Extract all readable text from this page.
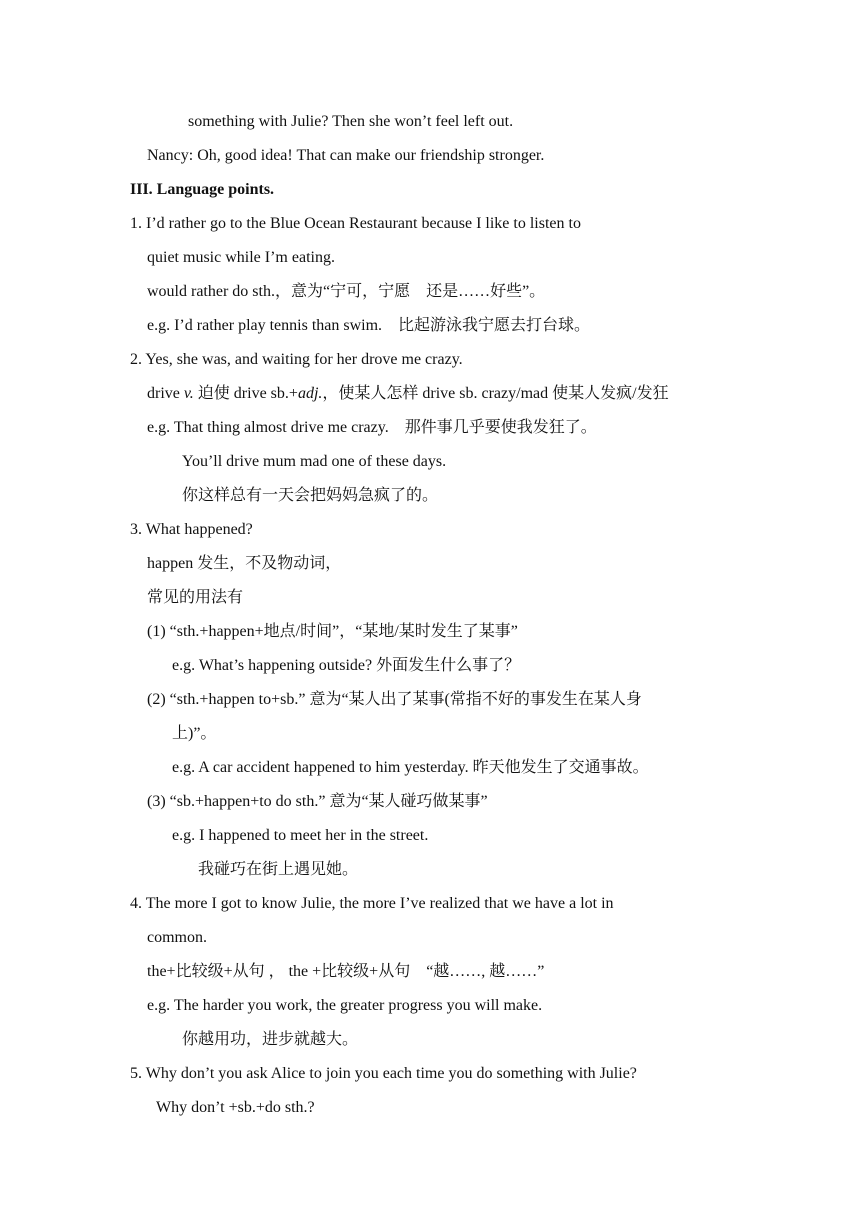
something with Julie? Then she won’t feel left out.
Nancy: Oh, good idea! That can make our friendship stronger.
III. Language points.
1. I’d rather go to the Blue Ocean Restaurant because I like to listen to
quiet music while I’m eating.
would rather do sth.，意为“宁可，宁愿　还是……好些”。
e.g. I’d rather play tennis than swim.　比起游泳我宁愿去打台球。
2. Yes, she was, and waiting for her drove me crazy.
drive v. 迫使 drive sb.+adj.，使某人怎样 drive sb. crazy/mad 使某人发疯/发狂
e.g. That thing almost drive me crazy.　那件事几乎要使我发狂了。
You’ll drive mum mad one of these days.
你这样总有一天会把妈妈急疯了的。
3. What happened?
happen 发生，不及物动词，
常见的用法有
(1) “sth.+happen+地点/时间”，“某地/某时发生了某事”
e.g. What’s happening outside? 外面发生什么事了？
(2) “sth.+happen to+sb.” 意为“某人出了某事(常指不好的事发生在某人身
上)”。
e.g. A car accident happened to him yesterday. 昨天他发生了交通事故。
(3) “sb.+happen+to do sth.” 意为“某人碰巧做某事”
e.g. I happened to meet her in the street.
我碰巧在街上遇见她。
4. The more I got to know Julie, the more I’ve realized that we have a lot in
common.
the+比较级+从句 ， the +比较级+从句　“越……, 越……”
e.g. The harder you work, the greater progress you will make.
你越用功，进步就越大。
5. Why don’t you ask Alice to join you each time you do something with Julie?
Why don’t +sb.+do sth.?
